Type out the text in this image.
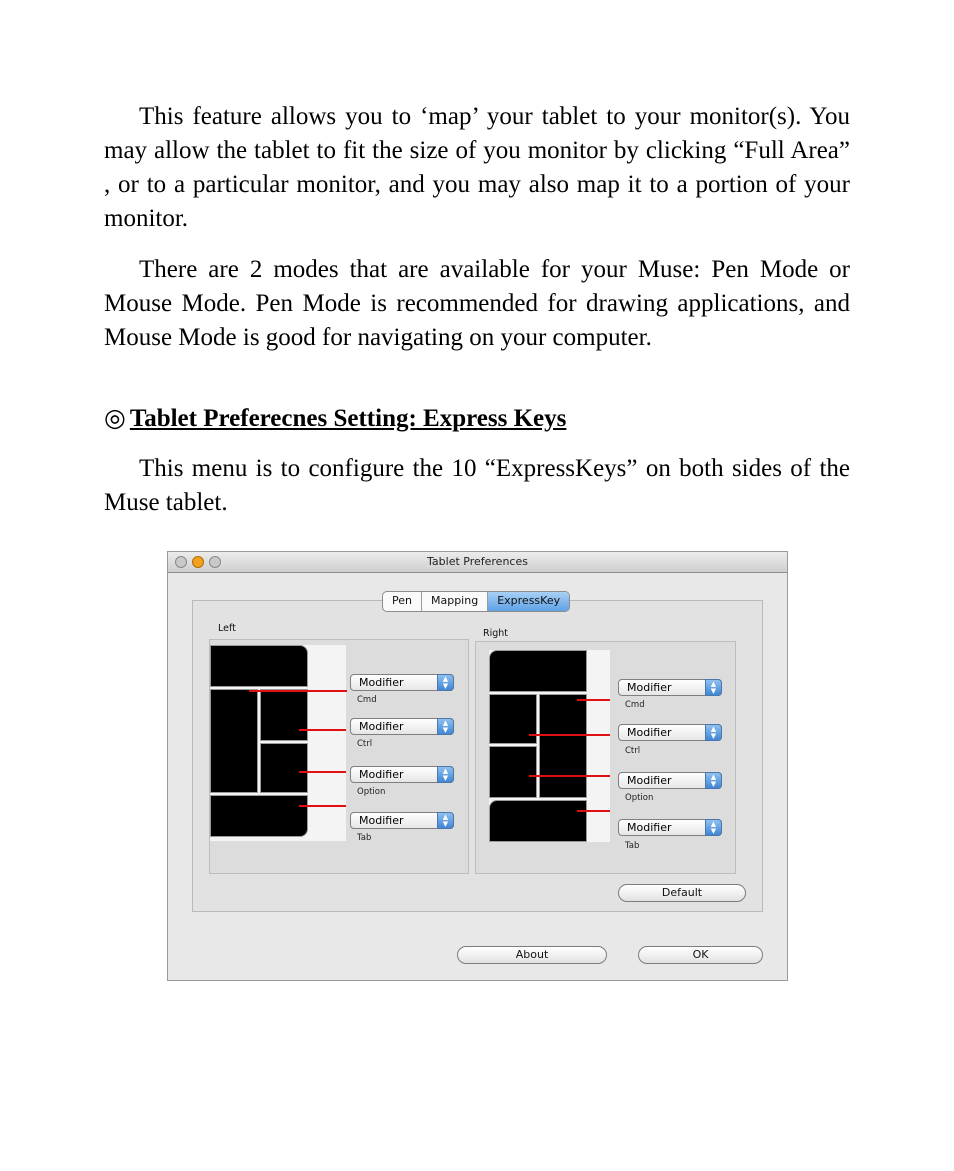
This feature allows you to ‘map’ your tablet to your monitor(s). You may allow the tablet to fit the size of you monitor by clicking “Full Area” , or to a particular monitor, and you may also map it to a portion of your monitor.

There are 2 modes that are available for your Muse: Pen Mode or Mouse Mode. Pen Mode is recommended for drawing applications, and Mouse Mode is good for navigating on your computer.

◎ Tablet Preferecnes Setting: Express Keys

This menu is to configure the 10 “ExpressKeys” on both sides of the Muse tablet.

Tablet Preferences
Pen	Mapping	ExpressKey
Left
Modifier	▲
▼
Cmd
Modifier	▲
▼
Ctrl
Modifier	▲
▼
Option
Modifier	▲
▼
Tab
Right
Modifier	▲
▼
Cmd
Modifier	▲
▼
Ctrl
Modifier	▲
▼
Option
Modifier	▲
▼
Tab
Default
About	OK
